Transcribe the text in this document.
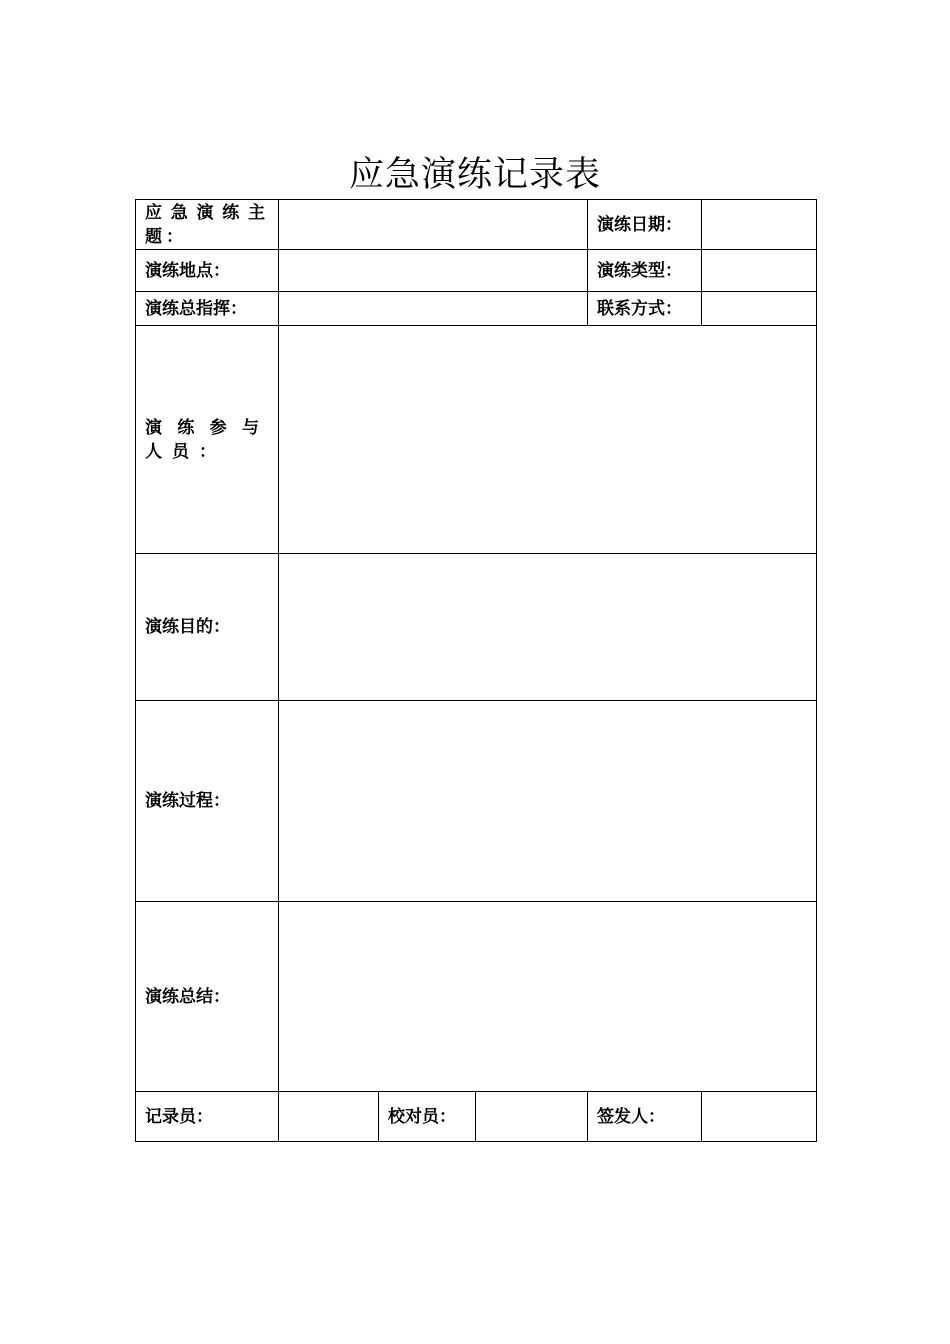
应急演练记录表
应急演练主题：				演练日期：	
演练地点：				演练类型：	
演练总指挥：				联系方式：	
演练参与人员：					
演练目的：					
演练过程：					
演练总结：					
记录员：		校对员：		签发人：	
